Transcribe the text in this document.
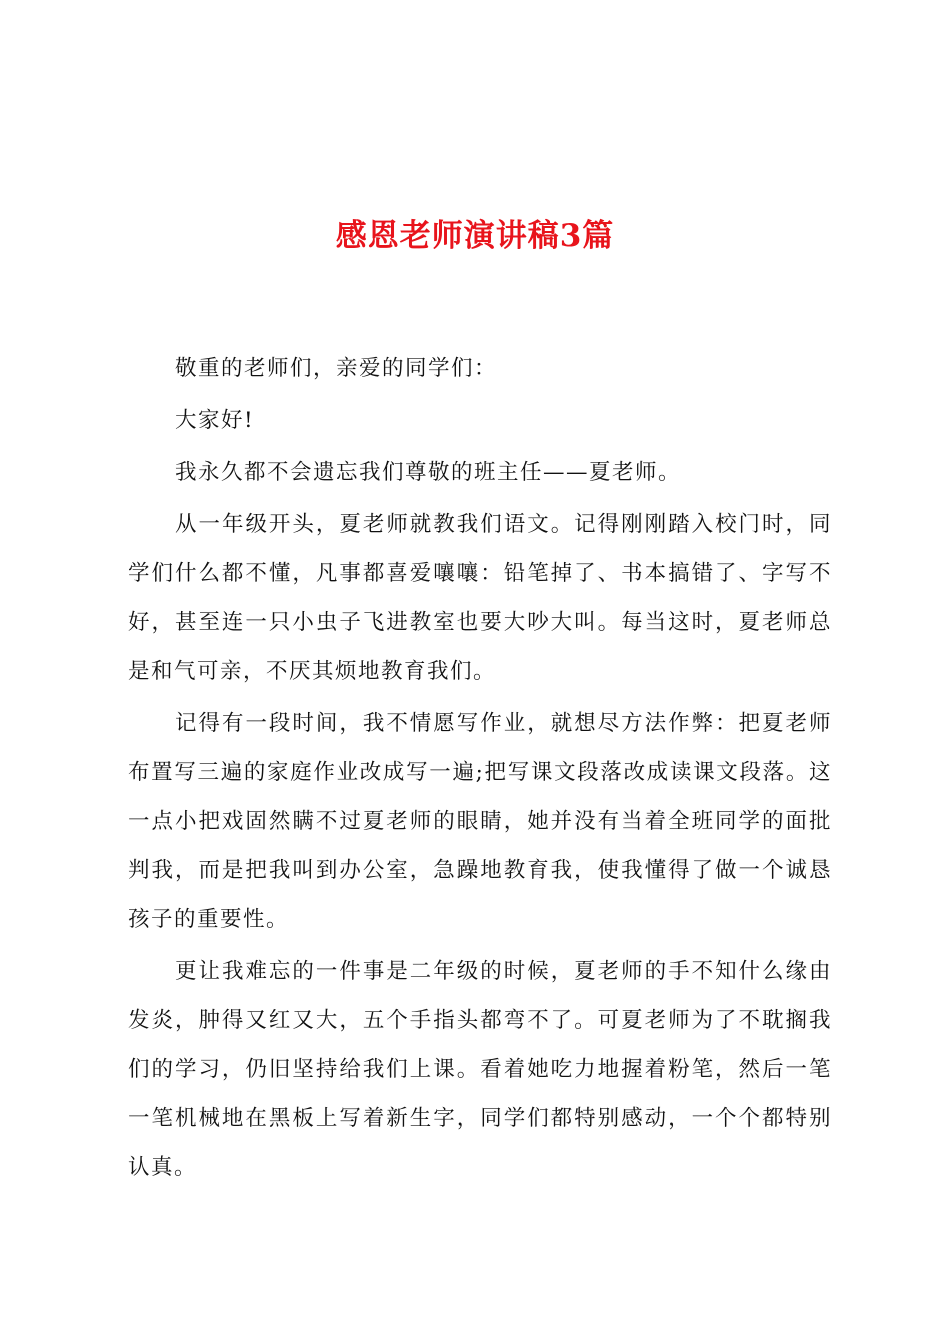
感恩老师演讲稿3篇

敬重的老师们，亲爱的同学们：

大家好!

我永久都不会遗忘我们尊敬的班主任——夏老师。

从一年级开头，夏老师就教我们语文。记得刚刚踏入校门时，同学们什么都不懂，凡事都喜爱嚷嚷：铅笔掉了、书本搞错了、字写不好，甚至连一只小虫子飞进教室也要大吵大叫。每当这时，夏老师总是和气可亲，不厌其烦地教育我们。

记得有一段时间，我不情愿写作业，就想尽方法作弊：把夏老师布置写三遍的家庭作业改成写一遍;把写课文段落改成读课文段落。这一点小把戏固然瞒不过夏老师的眼睛，她并没有当着全班同学的面批判我，而是把我叫到办公室，急躁地教育我，使我懂得了做一个诚恳孩子的重要性。

更让我难忘的一件事是二年级的时候，夏老师的手不知什么缘由发炎，肿得又红又大，五个手指头都弯不了。可夏老师为了不耽搁我们的学习，仍旧坚持给我们上课。看着她吃力地握着粉笔，然后一笔一笔机械地在黑板上写着新生字，同学们都特别感动，一个个都特别认真。
